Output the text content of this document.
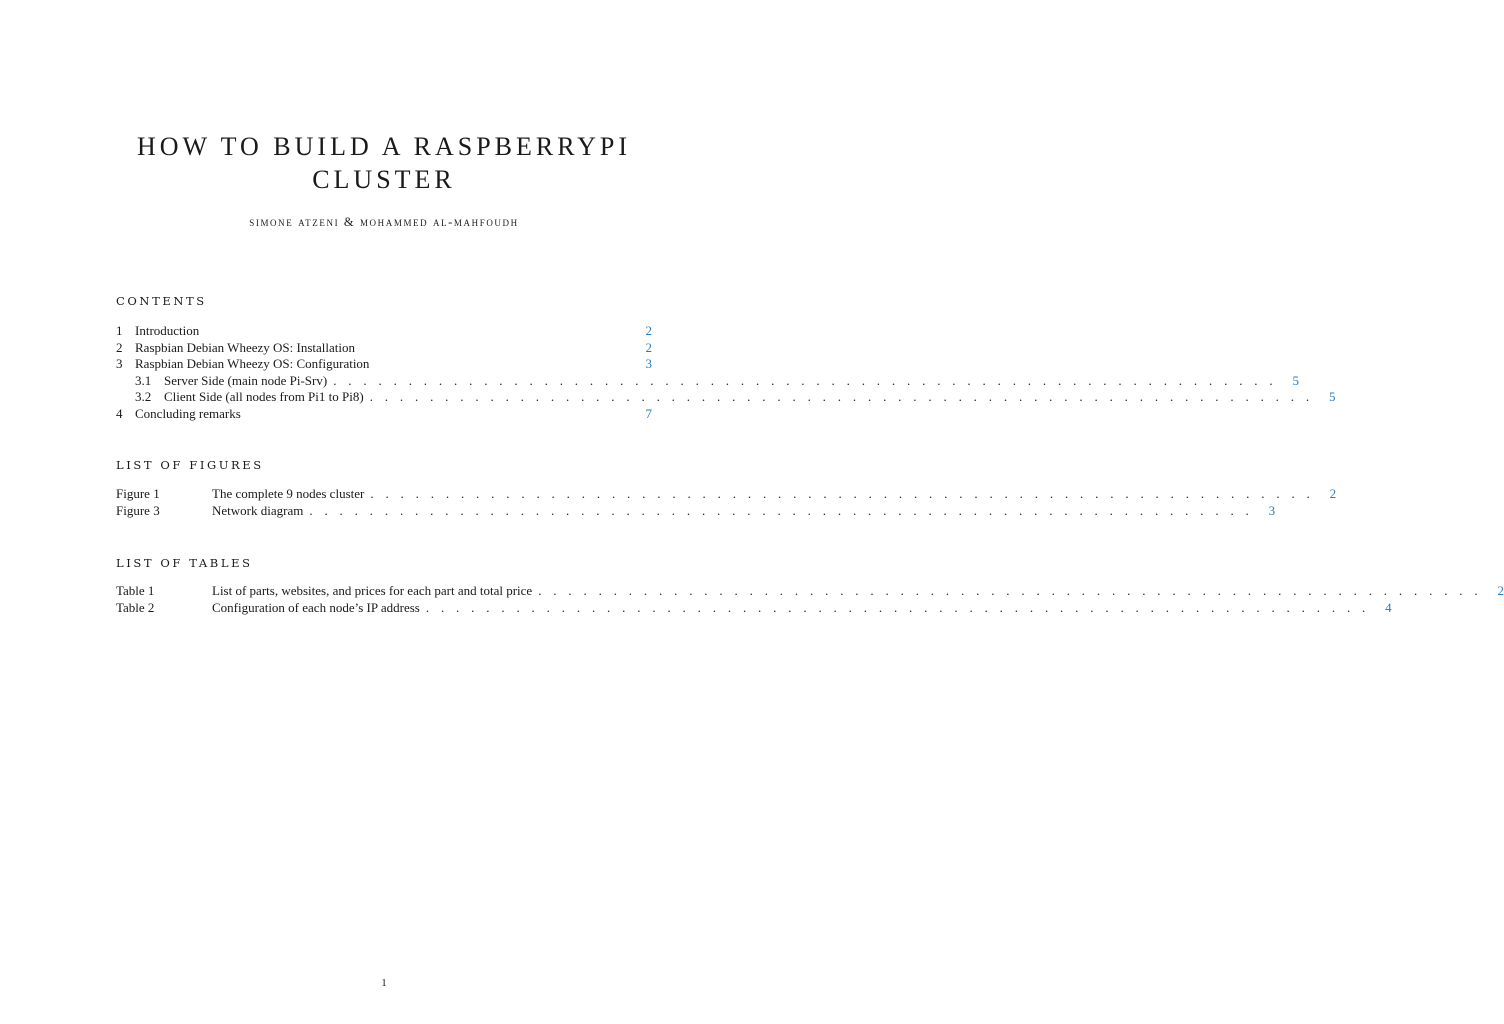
HOW TO BUILD A RASPBERRYPI
CLUSTER

simone atzeni & mohammed al-mahfoudh

CONTENTS
1 Introduction	2
2 Raspbian Debian Wheezy OS: Installation	2
3 Raspbian Debian Wheezy OS: Configuration	3
3.1 Server Side (main node Pi-Srv) . . . . . . . . . . . . . . . . . . . . . . . . . . . . . . . . . . . . . . . . . . . . . . . . . . . . . . . . . . . . . . . 5
3.2 Client Side (all nodes from Pi1 to Pi8) . . . . . . . . . . . . . . . . . . . . . . . . . . . . . . . . . . . . . . . . . . . . . . . . . . . . . . . . . . . . . . . 5
4 Concluding remarks	7
LIST OF FIGURES
Figure 1	The complete 9 nodes cluster . . . . . . . . . . . . . . . . . . . . . . . . . . . . . . . . . . . . . . . . . . . . . . . . . . . . . . . . . . . . . . . 2
Figure 3	Network diagram . . . . . . . . . . . . . . . . . . . . . . . . . . . . . . . . . . . . . . . . . . . . . . . . . . . . . . . . . . . . . . . 3
LIST OF TABLES
Table 1	List of parts, websites, and prices for each part and total price . . . . . . . . . . . . . . . . . . . . . . . . . . . . . . . . . . . . . . . . . . . . . . . . . . . . . . . . . . . . . . . 2
Table 2	Configuration of each node’s IP address . . . . . . . . . . . . . . . . . . . . . . . . . . . . . . . . . . . . . . . . . . . . . . . . . . . . . . . . . . . . . . . 4
1
